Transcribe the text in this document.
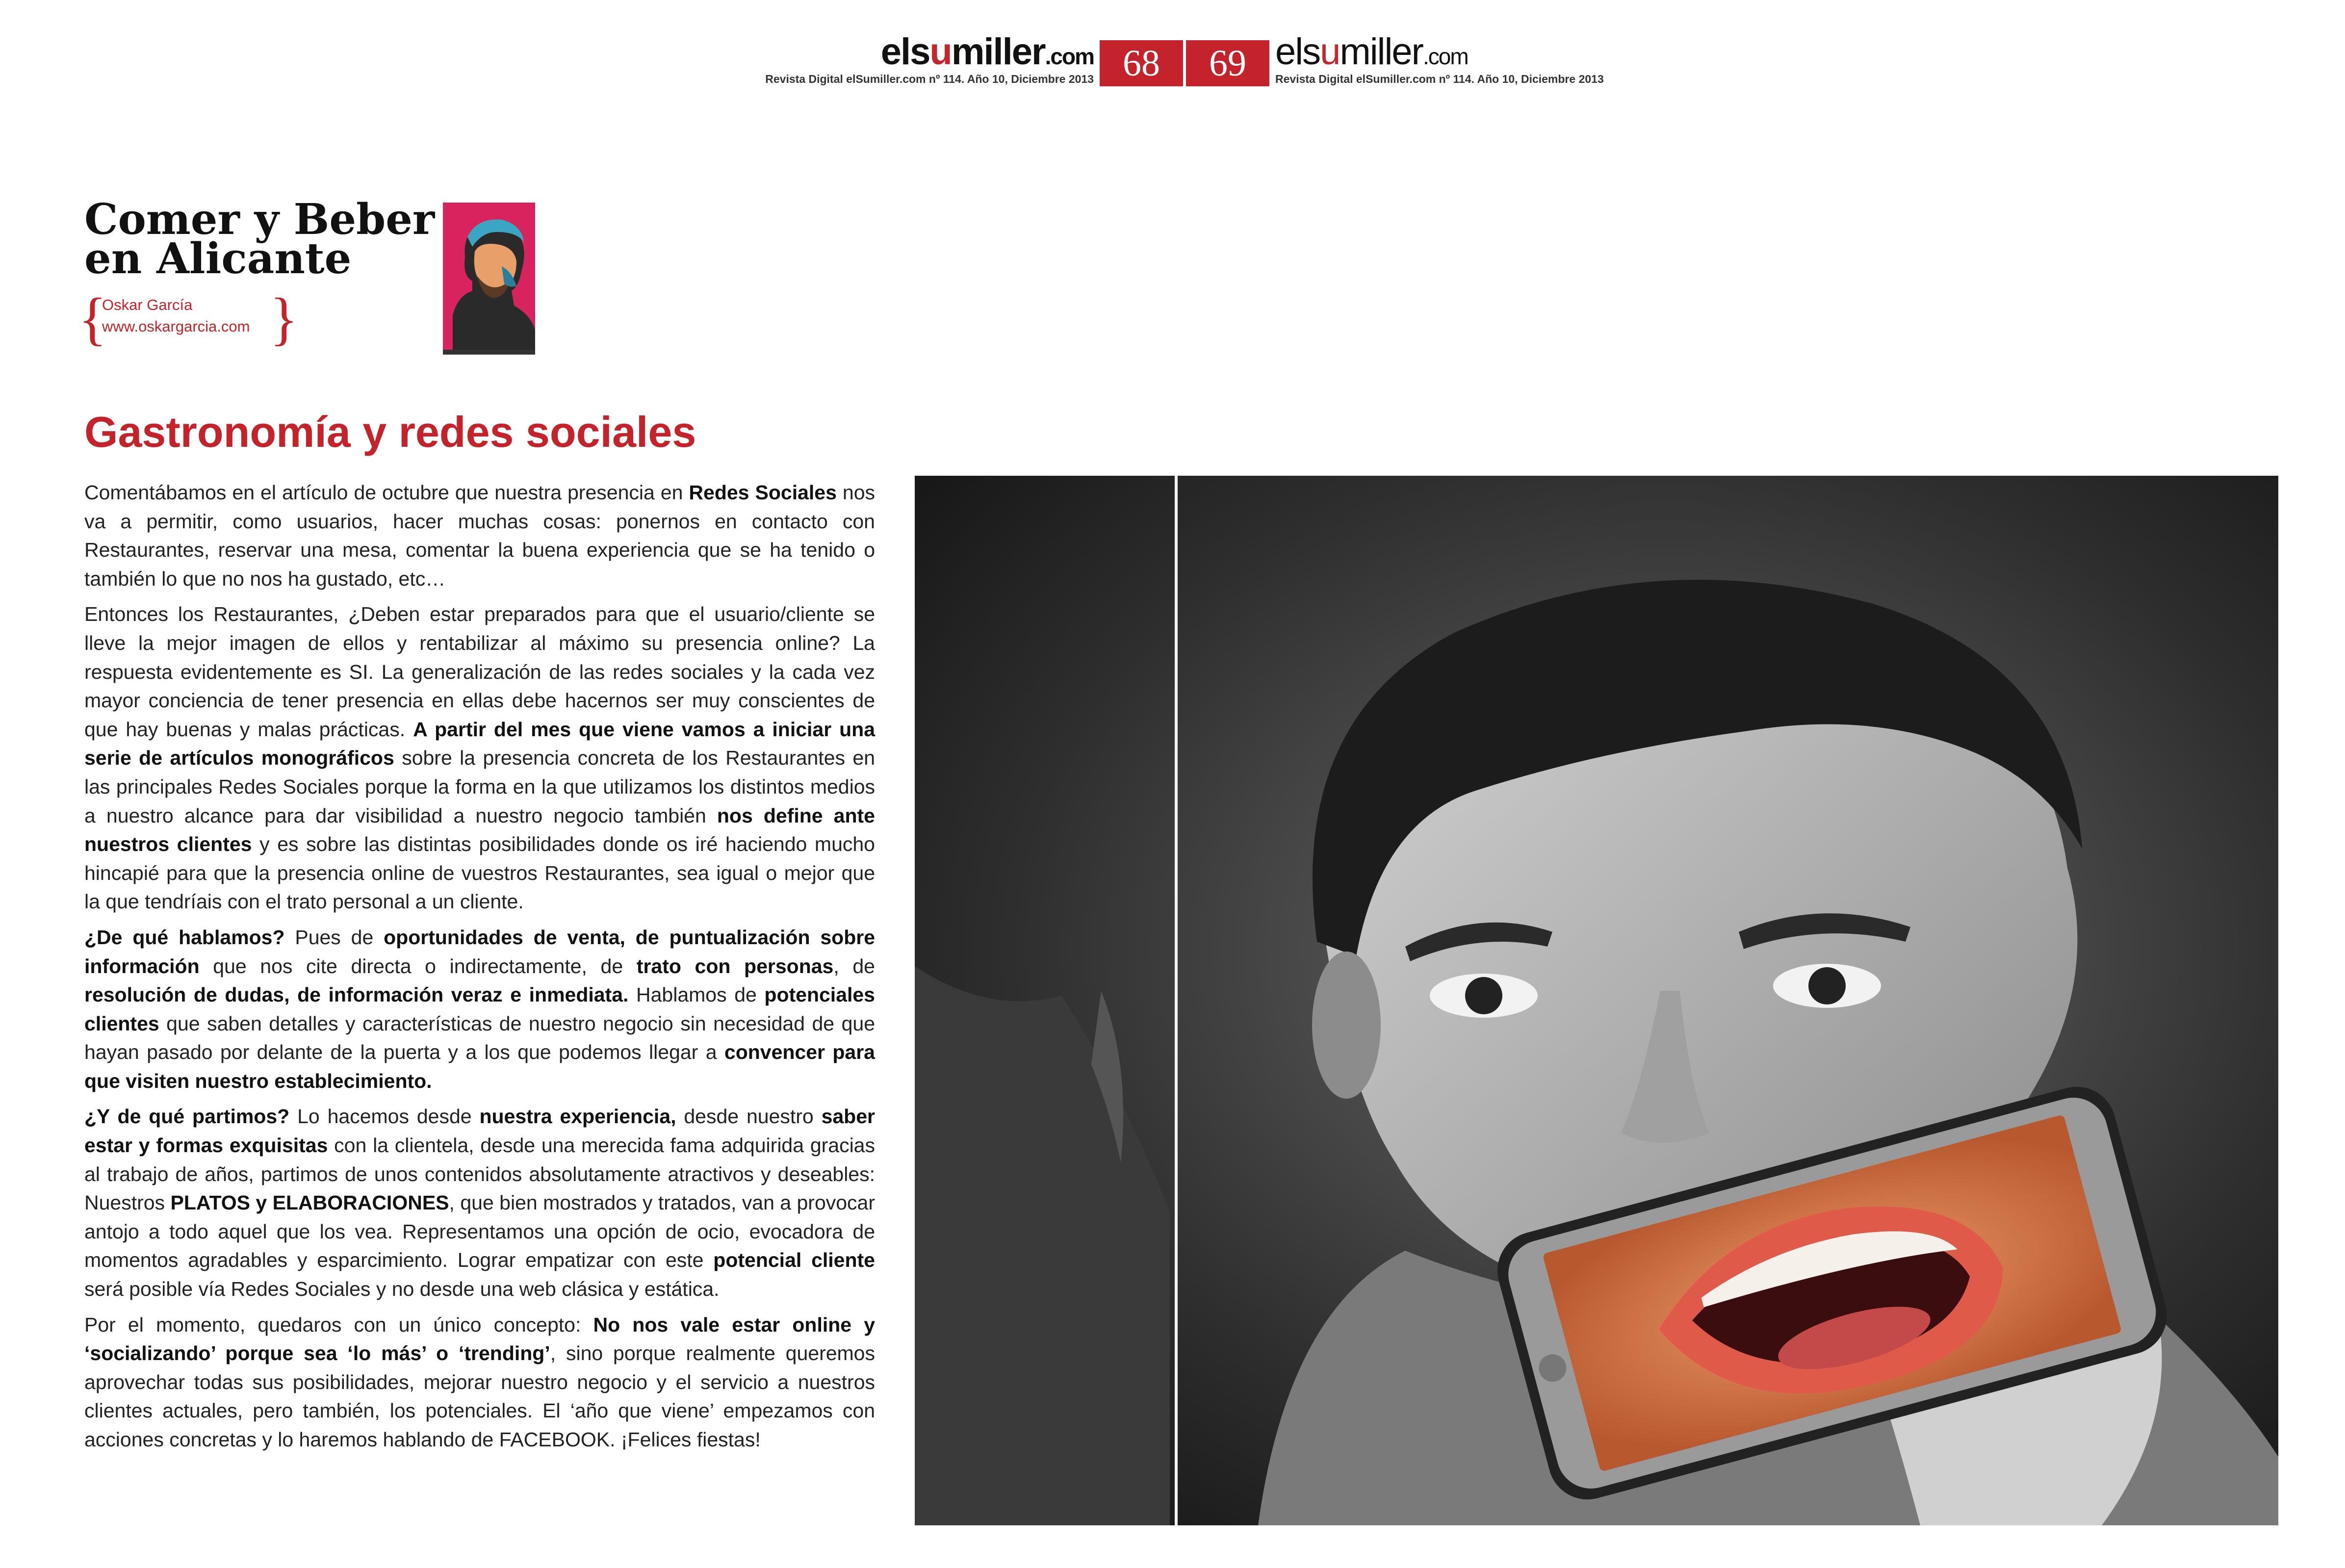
elsumiller.com
Revista Digital elSumiller.com nº 114. Año 10, Diciembre 2013 68	69 elsumiller.com
Revista Digital elSumiller.com nº 114. Año 10, Diciembre 2013
Comer y Beber
en Alicante
{
Oskar García
www.oskargarcia.com }
Gastronomía y redes sociales

Comentábamos en el artículo de octubre que nuestra presencia en Redes Sociales nos va a permitir, como usuarios, hacer muchas cosas: ponernos en contacto con Restaurantes, reservar una mesa, comentar la buena experiencia que se ha tenido o también lo que no nos ha gustado, etc…

Entonces los Restaurantes, ¿Deben estar preparados para que el usuario/cliente se lleve la mejor imagen de ellos y rentabilizar al máximo su presencia online? La respuesta evidentemente es SI. La generalización de las redes sociales y la cada vez mayor conciencia de tener presencia en ellas debe hacernos ser muy conscientes de que hay buenas y malas prácticas. A partir del mes que viene vamos a iniciar una serie de artículos monográficos sobre la presencia concreta de los Restaurantes en las principales Redes Sociales porque la forma en la que utilizamos los distintos medios a nuestro alcance para dar visibilidad a nuestro negocio también nos define ante nuestros clientes y es sobre las distintas posibilidades donde os iré haciendo mucho hincapié para que la presencia online de vuestros Restaurantes, sea igual o mejor que la que tendríais con el trato personal a un cliente.

¿De qué hablamos? Pues de oportunidades de venta, de puntualización sobre información que nos cite directa o indirectamente, de trato con personas, de resolución de dudas, de información veraz e inmediata. Hablamos de potenciales clientes que saben detalles y características de nuestro negocio sin necesidad de que hayan pasado por delante de la puerta y a los que podemos llegar a convencer para que visiten nuestro establecimiento.

¿Y de qué partimos? Lo hacemos desde nuestra experiencia, desde nuestro saber estar y formas exquisitas con la clientela, desde una merecida fama adquirida gracias al trabajo de años, partimos de unos contenidos absolutamente atractivos y deseables: Nuestros PLATOS y ELABORACIONES, que bien mostrados y tratados, van a provocar antojo a todo aquel que los vea. Representamos una opción de ocio, evocadora de momentos agradables y esparcimiento. Lograr empatizar con este potencial cliente será posible vía Redes Sociales y no desde una web clásica y estática.

Por el momento, quedaros con un único concepto: No nos vale estar online y ‘socializando’ porque sea ‘lo más’ o ‘trending’, sino porque realmente queremos aprovechar todas sus posibilidades, mejorar nuestro negocio y el servicio a nuestros clientes actuales, pero también, los potenciales. El ‘año que viene’ empezamos con acciones concretas y lo haremos hablando de FACEBOOK. ¡Felices fiestas!
